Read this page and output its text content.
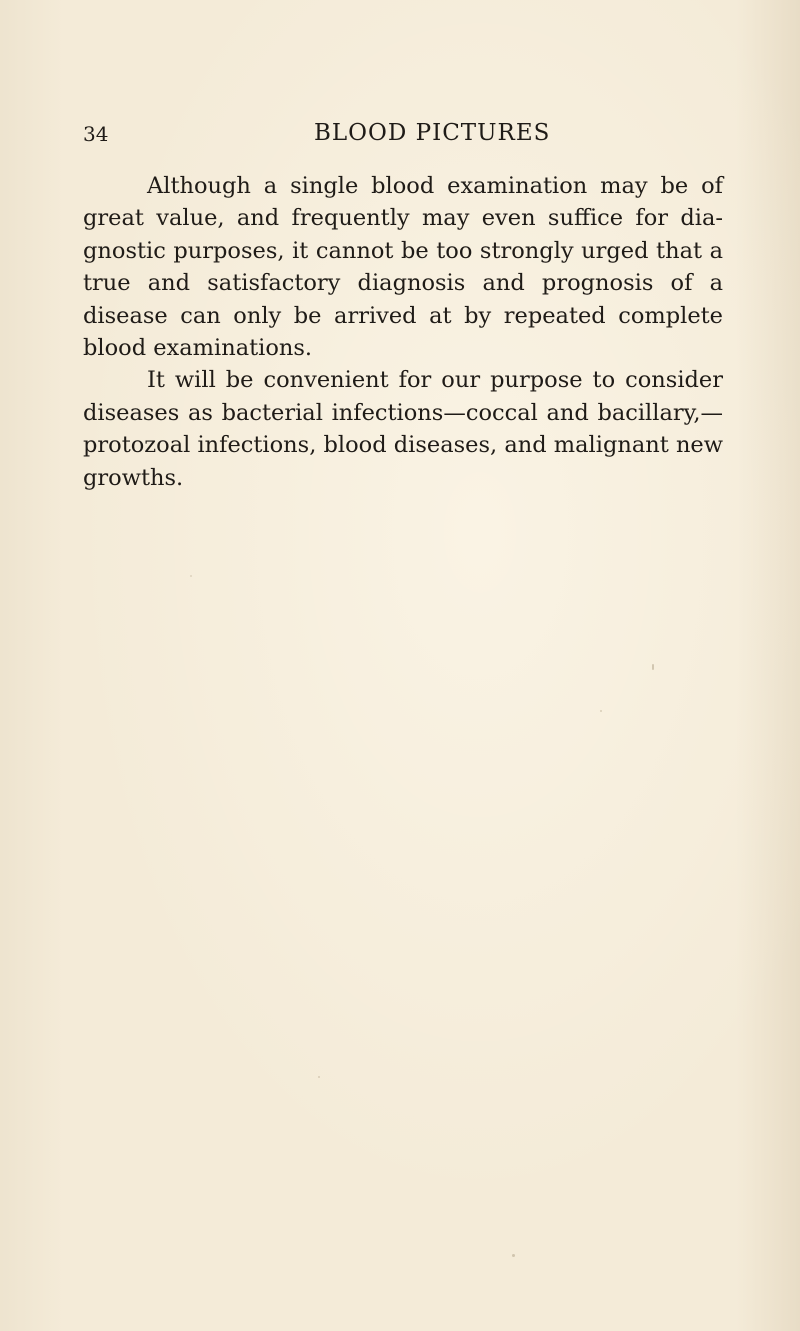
34	BLOOD PICTURES

Although a single blood examination may be of great value, and frequently may even suffice for diagnostic purposes, it cannot be too strongly urged that a true and satisfactory diagnosis and prognosis of a disease can only be arrived at by repeated complete blood examinations.

It will be convenient for our purpose to consider diseases as bacterial infections—coccal and bacillary,— protozoal infections, blood diseases, and malignant new growths.
